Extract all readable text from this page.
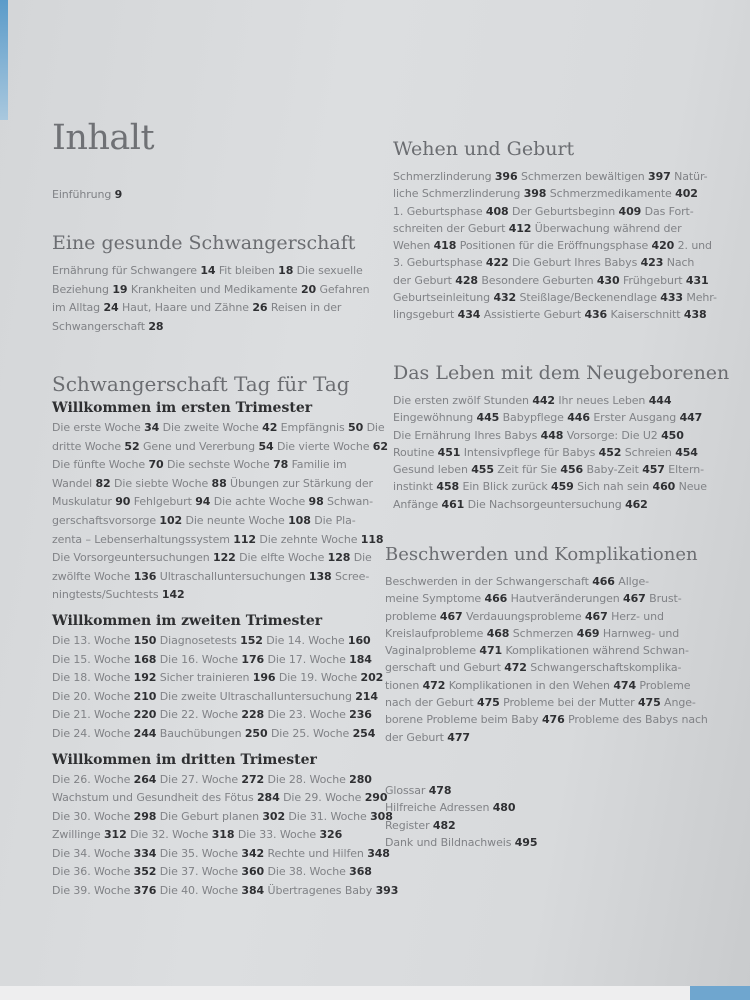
Inhalt
Einführung 9
Eine gesunde Schwangerschaft
Ernährung für Schwangere 14 Fit bleiben 18 Die sexuelle
Beziehung 19 Krankheiten und Medikamente 20 Gefahren
im Alltag 24 Haut, Haare und Zähne 26 Reisen in der
Schwangerschaft 28
Schwangerschaft Tag für Tag
Willkommen im ersten Trimester
Die erste Woche 34 Die zweite Woche 42 Empfängnis 50 Die
dritte Woche 52 Gene und Vererbung 54 Die vierte Woche 62
Die fünfte Woche 70 Die sechste Woche 78 Familie im
Wandel 82 Die siebte Woche 88 Übungen zur Stärkung der
Muskulatur 90 Fehlgeburt 94 Die achte Woche 98 Schwan-
gerschaftsvorsorge 102 Die neunte Woche 108 Die Pla-
zenta – Lebenserhaltungssystem 112 Die zehnte Woche 118
Die Vorsorgeuntersuchungen 122 Die elfte Woche 128 Die
zwölfte Woche 136 Ultraschalluntersuchungen 138 Scree-
ningtests/Suchtests 142
Willkommen im zweiten Trimester
Die 13. Woche 150 Diagnosetests 152 Die 14. Woche 160
Die 15. Woche 168 Die 16. Woche 176 Die 17. Woche 184
Die 18. Woche 192 Sicher trainieren 196 Die 19. Woche 202
Die 20. Woche 210 Die zweite Ultraschalluntersuchung 214
Die 21. Woche 220 Die 22. Woche 228 Die 23. Woche 236
Die 24. Woche 244 Bauchübungen 250 Die 25. Woche 254
Willkommen im dritten Trimester
Die 26. Woche 264 Die 27. Woche 272 Die 28. Woche 280
Wachstum und Gesundheit des Fötus 284 Die 29. Woche 290
Die 30. Woche 298 Die Geburt planen 302 Die 31. Woche 308
Zwillinge 312 Die 32. Woche 318 Die 33. Woche 326
Die 34. Woche 334 Die 35. Woche 342 Rechte und Hilfen 348
Die 36. Woche 352 Die 37. Woche 360 Die 38. Woche 368
Die 39. Woche 376 Die 40. Woche 384 Übertragenes Baby 393
Wehen und Geburt
Schmerzlinderung 396 Schmerzen bewältigen 397 Natür-
liche Schmerzlinderung 398 Schmerzmedikamente 402
1. Geburtsphase 408 Der Geburtsbeginn 409 Das Fort-
schreiten der Geburt 412 Überwachung während der
Wehen 418 Positionen für die Eröffnungsphase 420 2. und
3. Geburtsphase 422 Die Geburt Ihres Babys 423 Nach
der Geburt 428 Besondere Geburten 430 Frühgeburt 431
Geburtseinleitung 432 Steißlage/Beckenendlage 433 Mehr-
lingsgeburt 434 Assistierte Geburt 436 Kaiserschnitt 438
Das Leben mit dem Neugeborenen
Die ersten zwölf Stunden 442 Ihr neues Leben 444
Eingewöhnung 445 Babypflege 446 Erster Ausgang 447
Die Ernährung Ihres Babys 448 Vorsorge: Die U2 450
Routine 451 Intensivpflege für Babys 452 Schreien 454
Gesund leben 455 Zeit für Sie 456 Baby-Zeit 457 Eltern-
instinkt 458 Ein Blick zurück 459 Sich nah sein 460 Neue
Anfänge 461 Die Nachsorgeuntersuchung 462
Beschwerden und Komplikationen
Beschwerden in der Schwangerschaft 466 Allge-
meine Symptome 466 Hautveränderungen 467 Brust-
probleme 467 Verdauungsprobleme 467 Herz- und
Kreislaufprobleme 468 Schmerzen 469 Harnweg- und
Vaginalprobleme 471 Komplikationen während Schwan-
gerschaft und Geburt 472 Schwangerschaftskomplika-
tionen 472 Komplikationen in den Wehen 474 Probleme
nach der Geburt 475 Probleme bei der Mutter 475 Ange-
borene Probleme beim Baby 476 Probleme des Babys nach
der Geburt 477
Glossar 478
Hilfreiche Adressen 480
Register 482
Dank und Bildnachweis 495
